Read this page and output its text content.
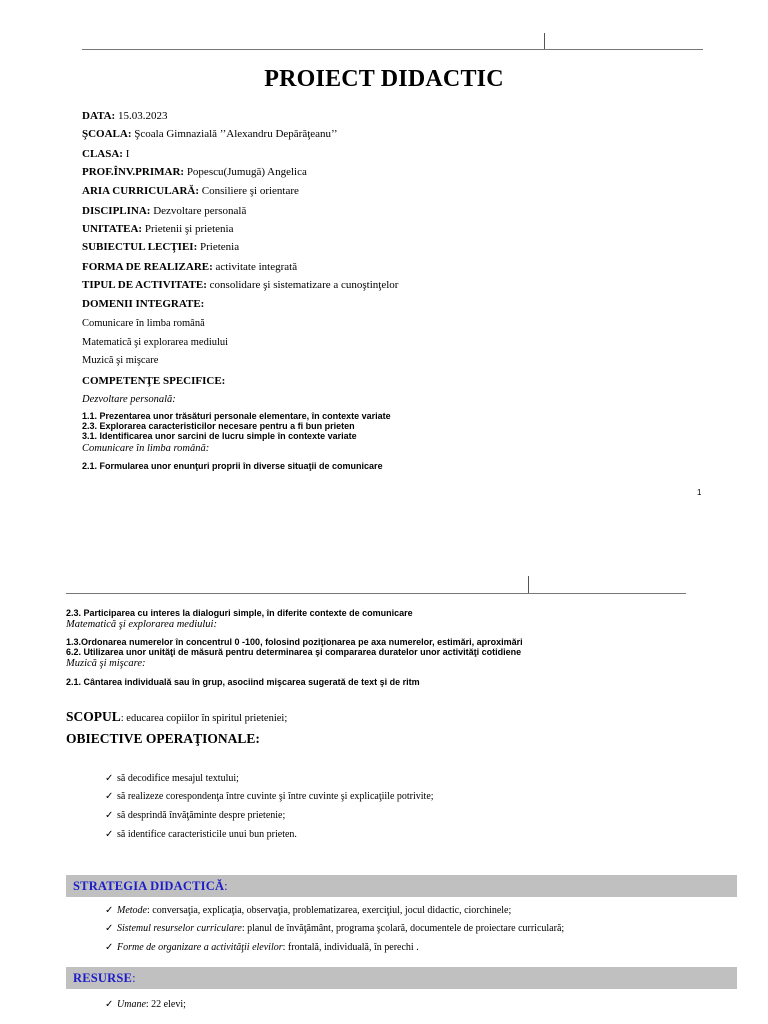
PROIECT DIDACTIC
DATA: 15.03.2023
ŞCOALA: Şcoala Gimnazială ’’Alexandru Depărăţeanu’’
CLASA: I
PROF.ÎNV.PRIMAR: Popescu(Jumugă) Angelica
ARIA CURRICULARĂ: Consiliere şi orientare
DISCIPLINA: Dezvoltare personală
UNITATEA: Prietenii şi prietenia
SUBIECTUL LECŢIEI: Prietenia
FORMA DE REALIZARE: activitate integrată
TIPUL DE ACTIVITATE: consolidare şi sistematizare a cunoştinţelor
DOMENII INTEGRATE:
Comunicare în limba română
Matematică şi explorarea mediului
Muzică şi mişcare
COMPETENŢE SPECIFICE:
Dezvoltare personală:
1.1. Prezentarea unor trăsături personale elementare, în contexte variate
2.3. Explorarea caracteristicilor necesare pentru a fi bun prieten
3.1. Identificarea unor sarcini de lucru simple în contexte variate
Comunicare în limba română:
2.1. Formularea unor enunţuri proprii în diverse situaţii de comunicare
1
2.3. Participarea cu interes la dialoguri simple, în diferite contexte de comunicare
Matematică şi explorarea mediului:
1.3.Ordonarea numerelor în concentrul 0 -100, folosind poziţionarea pe axa numerelor, estimări, aproximări
6.2. Utilizarea unor unităţi de măsură pentru determinarea şi compararea duratelor unor activităţi cotidiene
Muzică şi mişcare:
2.1. Cântarea individuală sau în grup, asociind mişcarea sugerată de text şi de ritm
SCOPUL: educarea copiilor în spiritul prieteniei;
OBIECTIVE OPERAŢIONALE:
✓ să decodifice mesajul textului;
✓ să realizeze corespondenţa între cuvinte şi între cuvinte şi explicaţiile potrivite;
✓ să desprindă învăţăminte despre prietenie;
✓ să identifice caracteristicile unui bun prieten.
STRATEGIA DIDACTICĂ:
✓ Metode: conversaţia, explicaţia, observaţia, problematizarea, exerciţiul, jocul didactic, ciorchinele;
✓ Sistemul resurselor curriculare: planul de învăţământ, programa şcolară, documentele de proiectare curriculară;
✓ Forme de organizare a activităţii elevilor: frontală, individuală, în perechi .
RESURSE:
✓ Umane: 22 elevi;
